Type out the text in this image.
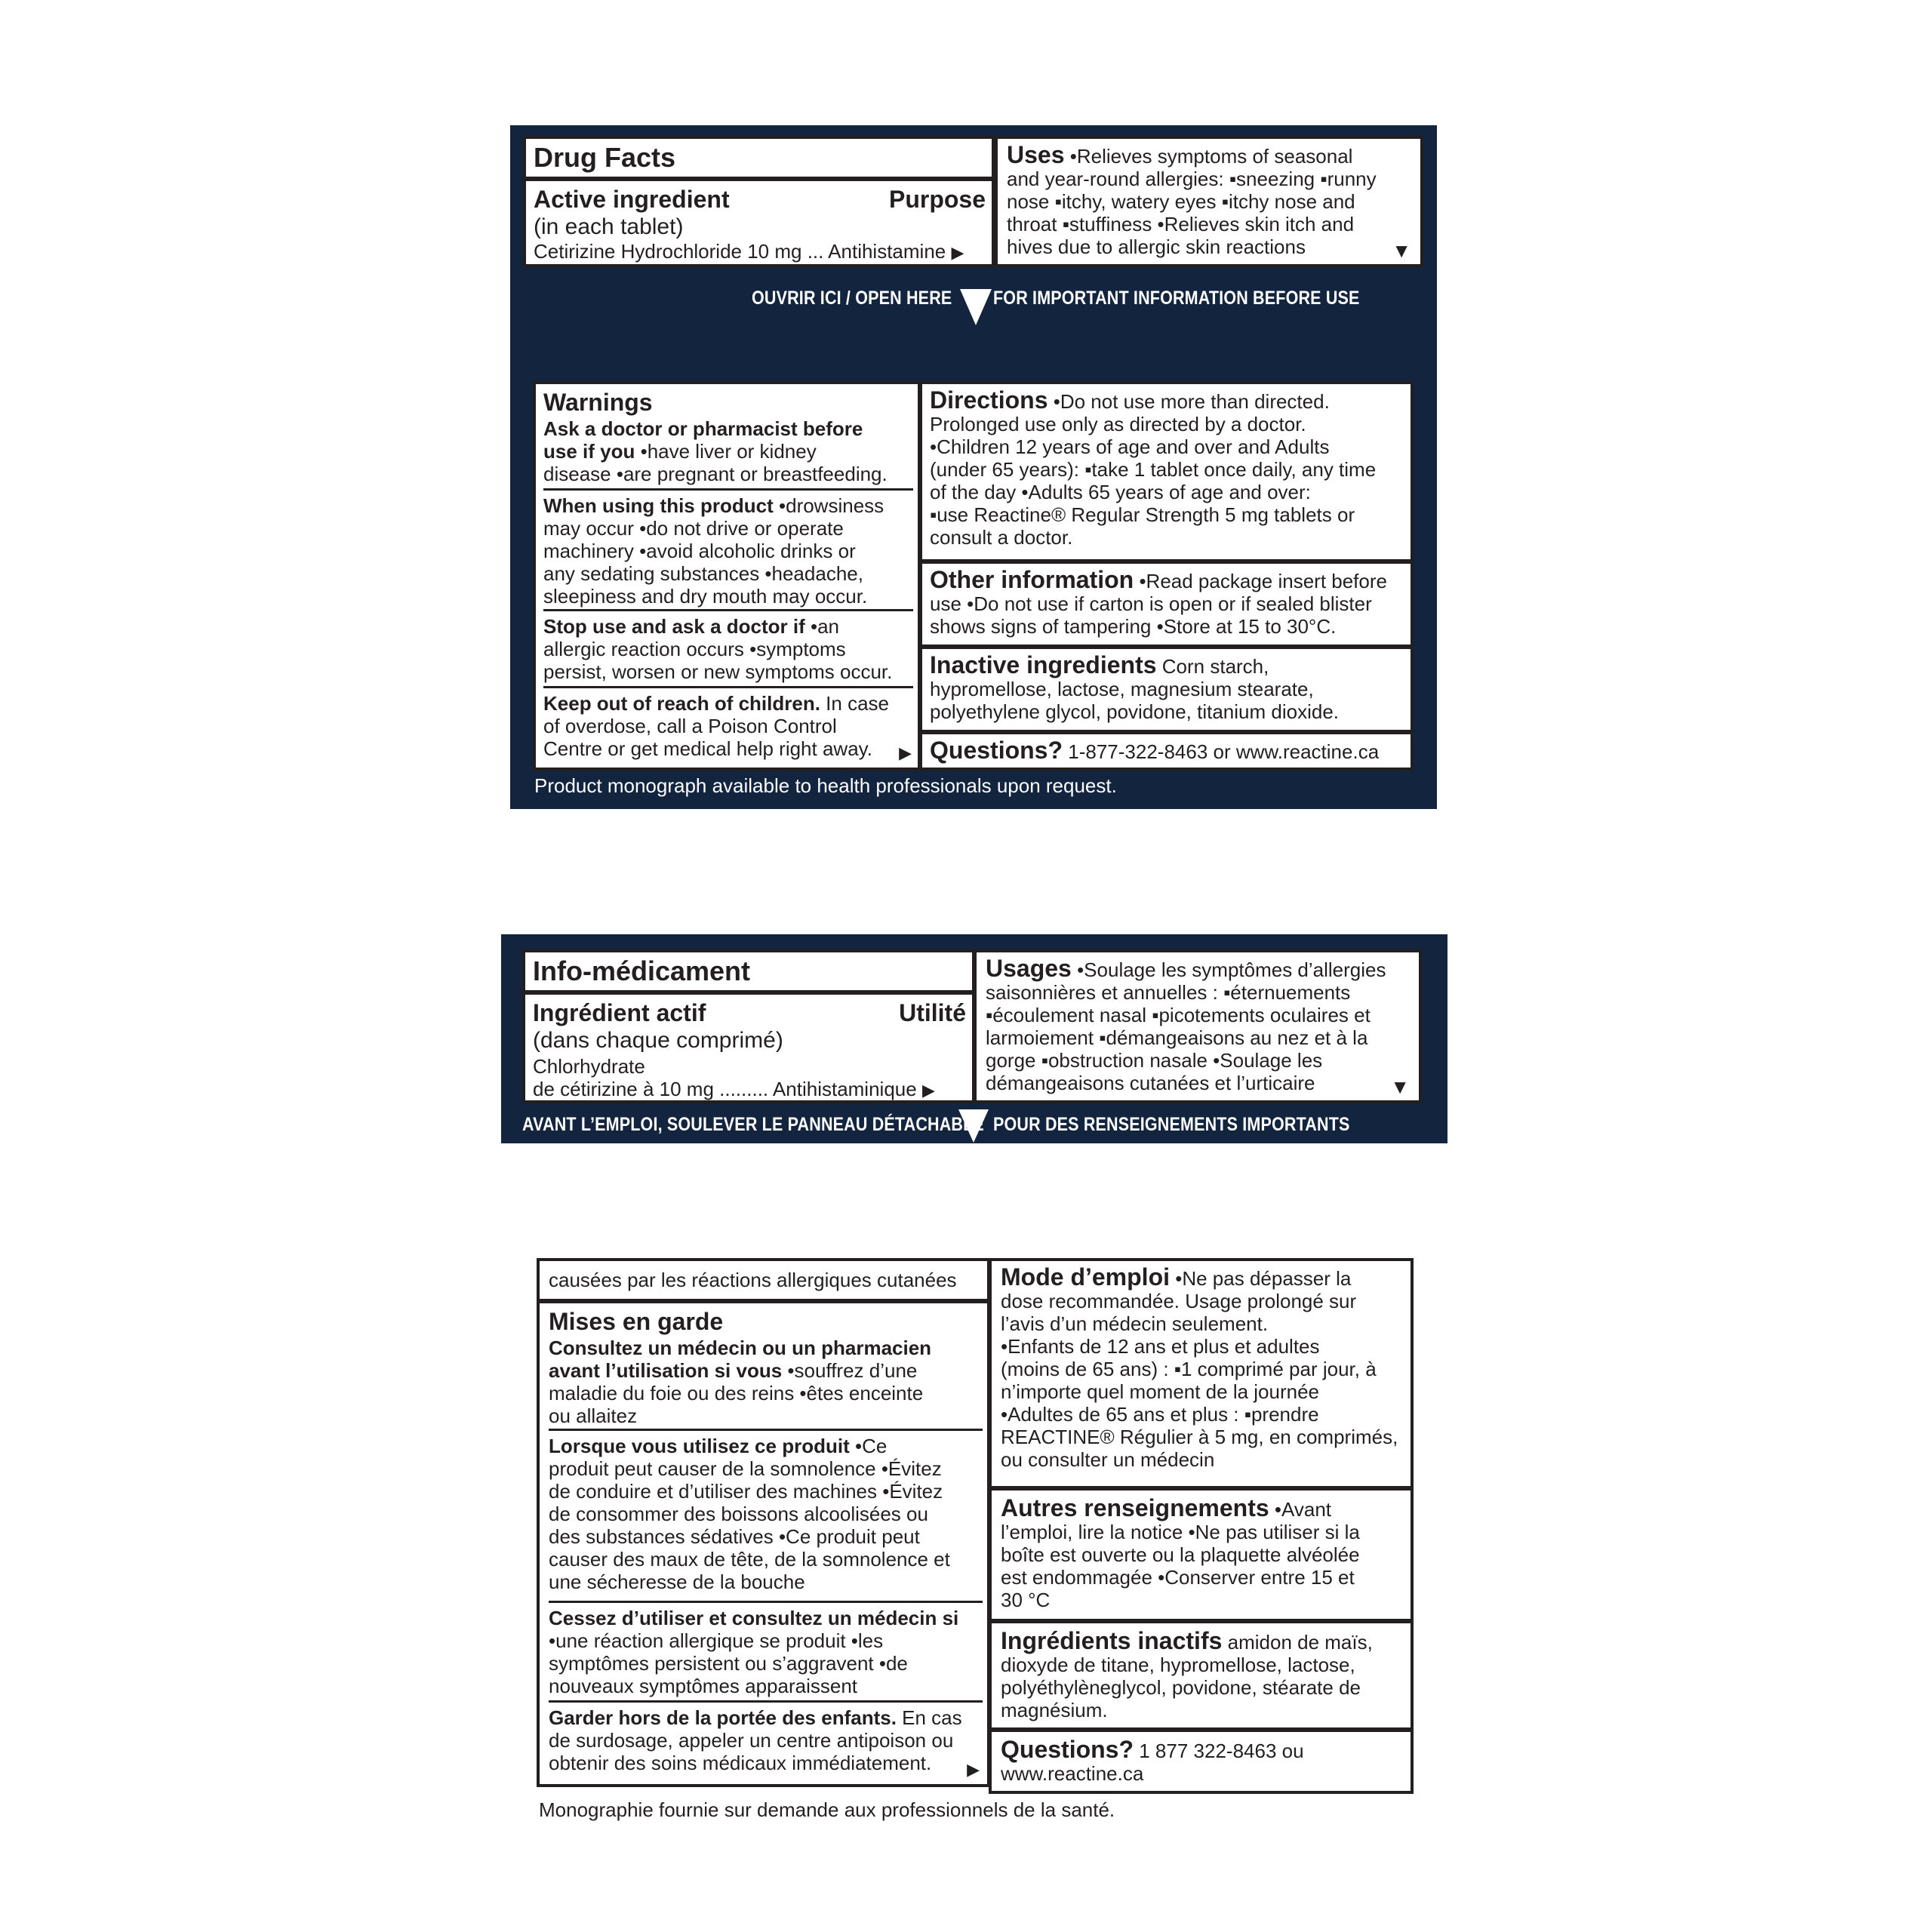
Drug Facts
Active ingredient	Purpose
(in each tablet)
Cetirizine Hydrochloride 10 mg ... Antihistamine ▶
Uses •Relieves symptoms of seasonal
and year-round allergies: ▪sneezing ▪runny
nose ▪itchy, watery eyes ▪itchy nose and
throat ▪stuffiness •Relieves skin itch and
hives due to allergic skin reactions	▼
OUVRIR ICI / OPEN HERE FOR IMPORTANT INFORMATION BEFORE USE
Warnings
Ask a doctor or pharmacist before
use if you •have liver or kidney
disease •are pregnant or breastfeeding.
When using this product •drowsiness
may occur •do not drive or operate
machinery •avoid alcoholic drinks or
any sedating substances •headache,
sleepiness and dry mouth may occur.
Stop use and ask a doctor if •an
allergic reaction occurs •symptoms
persist, worsen or new symptoms occur.
Keep out of reach of children. In case
of overdose, call a Poison Control
Centre or get medical help right away.	▶
Directions •Do not use more than directed.
Prolonged use only as directed by a doctor.
•Children 12 years of age and over and Adults
(under 65 years): ▪take 1 tablet once daily, any time
of the day •Adults 65 years of age and over:
▪use Reactine® Regular Strength 5 mg tablets or
consult a doctor.
Other information •Read package insert before
use •Do not use if carton is open or if sealed blister
shows signs of tampering •Store at 15 to 30°C.
Inactive ingredients Corn starch,
hypromellose, lactose, magnesium stearate,
polyethylene glycol, povidone, titanium dioxide.
Questions? 1-877-322-8463 or www.reactine.ca
Product monograph available to health professionals upon request.
Info-médicament
Ingrédient actif	Utilité
(dans chaque comprimé)
Chlorhydrate
de cétirizine à 10 mg ......... Antihistaminique ▶
Usages •Soulage les symptômes d’allergies
saisonnières et annuelles : ▪éternuements
▪écoulement nasal ▪picotements oculaires et
larmoiement ▪démangeaisons au nez et à la
gorge ▪obstruction nasale •Soulage les
démangeaisons cutanées et l’urticaire	▼
AVANT L’EMPLOI, SOULEVER LE PANNEAU DÉTACHABLE POUR DES RENSEIGNEMENTS IMPORTANTS
causées par les réactions allergiques cutanées
Mises en garde
Consultez un médecin ou un pharmacien
avant l’utilisation si vous •souffrez d’une
maladie du foie ou des reins •êtes enceinte
ou allaitez
Lorsque vous utilisez ce produit •Ce
produit peut causer de la somnolence •Évitez
de conduire et d’utiliser des machines •Évitez
de consommer des boissons alcoolisées ou
des substances sédatives •Ce produit peut
causer des maux de tête, de la somnolence et
une sécheresse de la bouche
Cessez d’utiliser et consultez un médecin si
•une réaction allergique se produit •les
symptômes persistent ou s’aggravent •de
nouveaux symptômes apparaissent
Garder hors de la portée des enfants. En cas
de surdosage, appeler un centre antipoison ou
obtenir des soins médicaux immédiatement.	▶
Mode d’emploi •Ne pas dépasser la
dose recommandée. Usage prolongé sur
l’avis d’un médecin seulement.
•Enfants de 12 ans et plus et adultes
(moins de 65 ans) : ▪1 comprimé par jour, à
n’importe quel moment de la journée
•Adultes de 65 ans et plus : ▪prendre
REACTINE® Régulier à 5 mg, en comprimés,
ou consulter un médecin
Autres renseignements •Avant
l’emploi, lire la notice •Ne pas utiliser si la
boîte est ouverte ou la plaquette alvéolée
est endommagée •Conserver entre 15 et
30 °C
Ingrédients inactifs amidon de maïs,
dioxyde de titane, hypromellose, lactose,
polyéthylèneglycol, povidone, stéarate de
magnésium.
Questions? 1 877 322-8463 ou
www.reactine.ca
Monographie fournie sur demande aux professionnels de la santé.
